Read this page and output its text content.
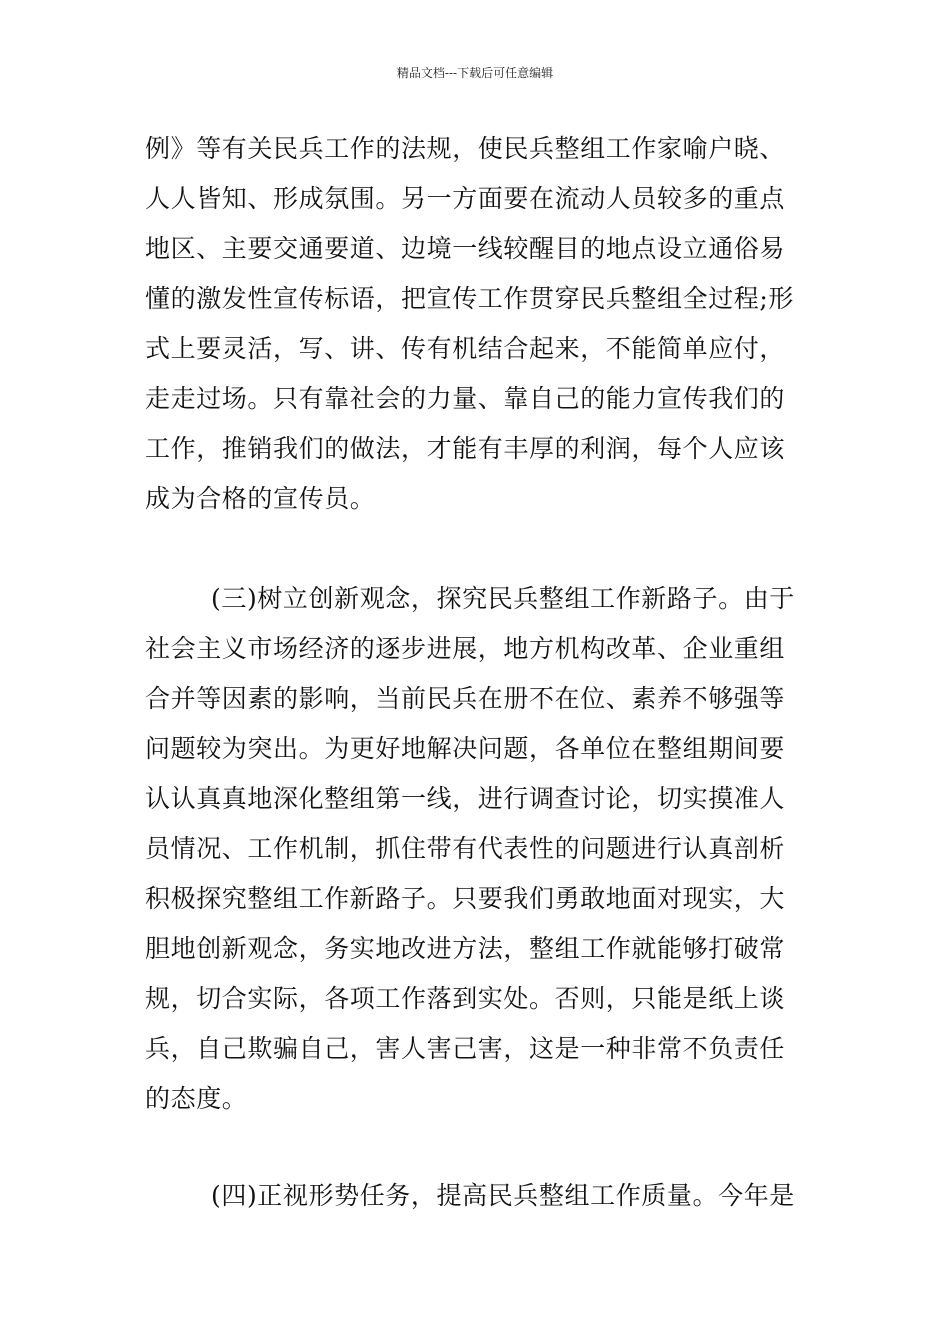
精品文档---下载后可任意编辑
例》等有关民兵工作的法规，使民兵整组工作家喻户晓、
人人皆知、形成氛围。另一方面要在流动人员较多的重点
地区、主要交通要道、边境一线较醒目的地点设立通俗易
懂的激发性宣传标语，把宣传工作贯穿民兵整组全过程;形
式上要灵活，写、讲、传有机结合起来，不能简单应付，
走走过场。只有靠社会的力量、靠自己的能力宣传我们的
工作，推销我们的做法，才能有丰厚的利润，每个人应该
成为合格的宣传员。
(三)树立创新观念，探究民兵整组工作新路子。由于
社会主义市场经济的逐步进展，地方机构改革、企业重组
合并等因素的影响，当前民兵在册不在位、素养不够强等
问题较为突出。为更好地解决问题，各单位在整组期间要
认认真真地深化整组第一线，进行调查讨论，切实摸准人
员情况、工作机制，抓住带有代表性的问题进行认真剖析
积极探究整组工作新路子。只要我们勇敢地面对现实，大
胆地创新观念，务实地改进方法，整组工作就能够打破常
规，切合实际，各项工作落到实处。否则，只能是纸上谈
兵，自己欺骗自己，害人害己害，这是一种非常不负责任
的态度。
(四)正视形势任务，提高民兵整组工作质量。今年是
